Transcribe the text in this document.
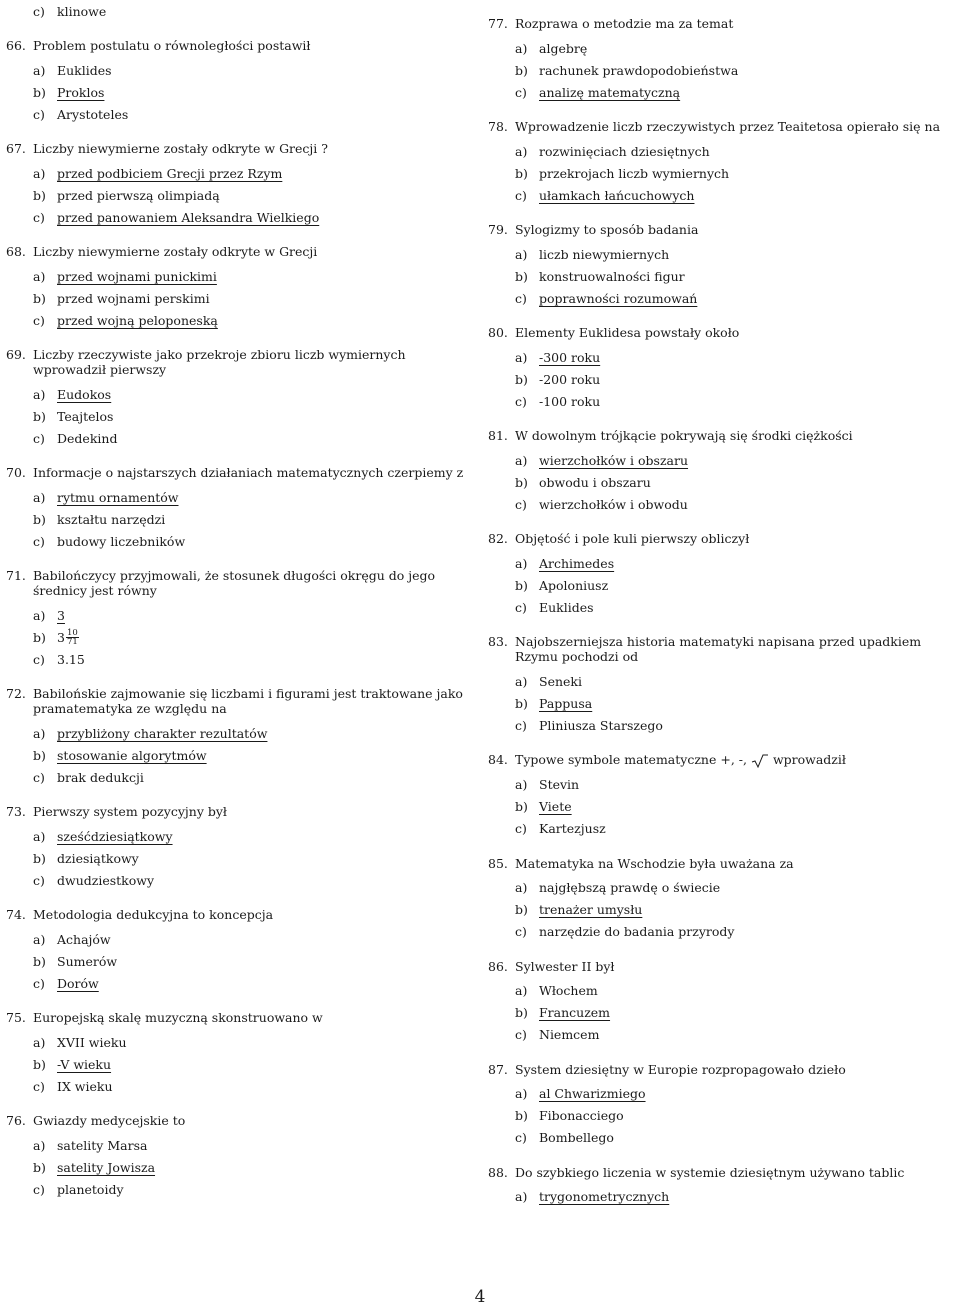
c) klinowe
66. Problem postulatu o równoległości postawił
a) Euklides
b) Proklos
c) Arystoteles
67. Liczby niewymierne zostały odkryte w Grecji ?
a) przed podbiciem Grecji przez Rzym
b) przed pierwszą olimpiadą
c) przed panowaniem Aleksandra Wielkiego
68. Liczby niewymierne zostały odkryte w Grecji
a) przed wojnami punickimi
b) przed wojnami perskimi
c) przed wojną peloponeską
69. Liczby rzeczywiste jako przekroje zbioru liczb wymiernych wprowadził pierwszy
a) Eudokos
b) Teajtelos
c) Dedekind
70. Informacje o najstarszych działaniach matematycznych czerpiemy z
a) rytmu ornamentów
b) kształtu narzędzi
c) budowy liczebników
71. Babilończycy przyjmowali, że stosunek długości okręgu do jego średnicy jest równy
a) 3
b) $3 \frac{10}{71}$
c) 3.15
72. Babilońskie zajmowanie się liczbami i figurami jest traktowane jako pramatematyka ze względu na
a) przybliżony charakter rezultatów
b) stosowanie algorytmów
c) brak dedukcji
73. Pierwszy system pozycyjny był
a) sześćdziesiątkowy
b) dziesiątkowy
c) dwudziestkowy
74. Metodologia dedukcyjna to koncepcja
a) Achajów
b) Sumerów
c) Dorów
75. Europejską skalę muzyczną skonstruowano w
a) XVII wieku
b) -V wieku
c) IX wieku
76. Gwiazdy medycejskie to
a) satelity Marsa
b) satelity Jowisza
c) planetoidy
77. Rozprawa o metodzie ma za temat
a) algebrę
b) rachunek prawdopodobieństwa
c) analizę matematyczną
78. Wprowadzenie liczb rzeczywistych przez Teaitetosa opierało się na
a) rozwinięciach dziesiętnych
b) przekrojach liczb wymiernych
c) ułamkach łańcuchowych
79. Sylogizmy to sposób badania
a) liczb niewymiernych
b) konstruowalności figur
c) poprawności rozumowań
80. Elementy Euklidesa powstały około
a) -300 roku
b) -200 roku
c) -100 roku
81. W dowolnym trójkącie pokrywają się środki ciężkości
a) wierzchołków i obszaru
b) obwodu i obszaru
c) wierzchołków i obwodu
82. Objętość i pole kuli pierwszy obliczył
a) Archimedes
b) Apoloniusz
c) Euklides
83. Najobszerniejsza historia matematyki napisana przed upadkiem Rzymu pochodzi od
a) Seneki
b) Pappusa
c) Pliniusza Starszego
84. Typowe symbole matematyczne +, -, wprowadził
a) Stevin
b) Viete
c) Kartezjusz
85. Matematyka na Wschodzie była uważana za
a) najgłębszą prawdę o świecie
b) trenażer umysłu
c) narzędzie do badania przyrody
86. Sylwester II był
a) Włochem
b) Francuzem
c) Niemcem
87. System dziesiętny w Europie rozpropagowało dzieło
a) al Chwarizmiego
b) Fibonacciego
c) Bombellego
88. Do szybkiego liczenia w systemie dziesiętnym używano tablic
a) trygonometrycznych
4
